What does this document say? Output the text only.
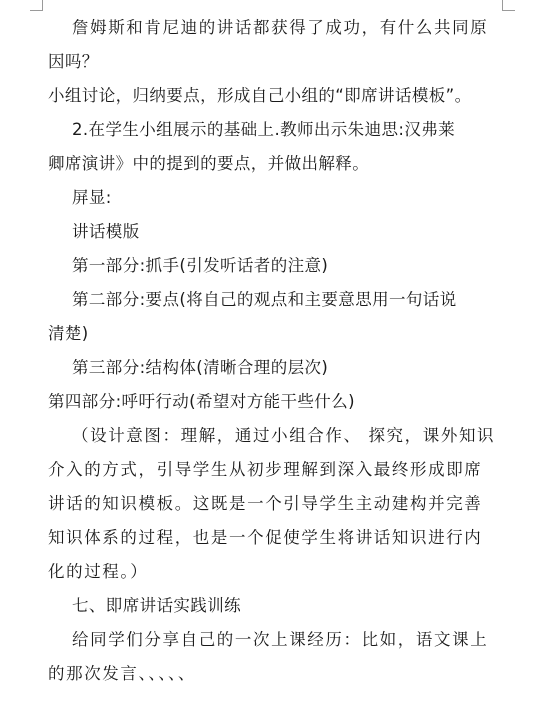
詹姆斯和肯尼迪的讲话都获得了成功，有什么共同原
因吗？
小组讨论，归纳要点，形成自己小组的“即席讲话模板”。
2.在学生小组展示的基础上.教师出示朱迪思:汉弗莱
卿席演讲》中的提到的要点，并做出解释。
屏显:
讲话模版
第一部分:抓手(引发听话者的注意)
第二部分:要点(将自己的观点和主要意思用一句话说
清楚)
第三部分:结构体(清晰合理的层次)
第四部分:呼吁行动(希望对方能干些什么)
（设计意图：理解，通过小组合作、 探究，课外知识
介入的方式，引导学生从初步理解到深入最终形成即席
讲话的知识模板。这既是一个引导学生主动建构并完善
知识体系的过程，也是一个促使学生将讲话知识进行内
化的过程。）
七、即席讲话实践训练
给同学们分享自己的一次上课经历：比如，语文课上
的那次发言、、、、、
